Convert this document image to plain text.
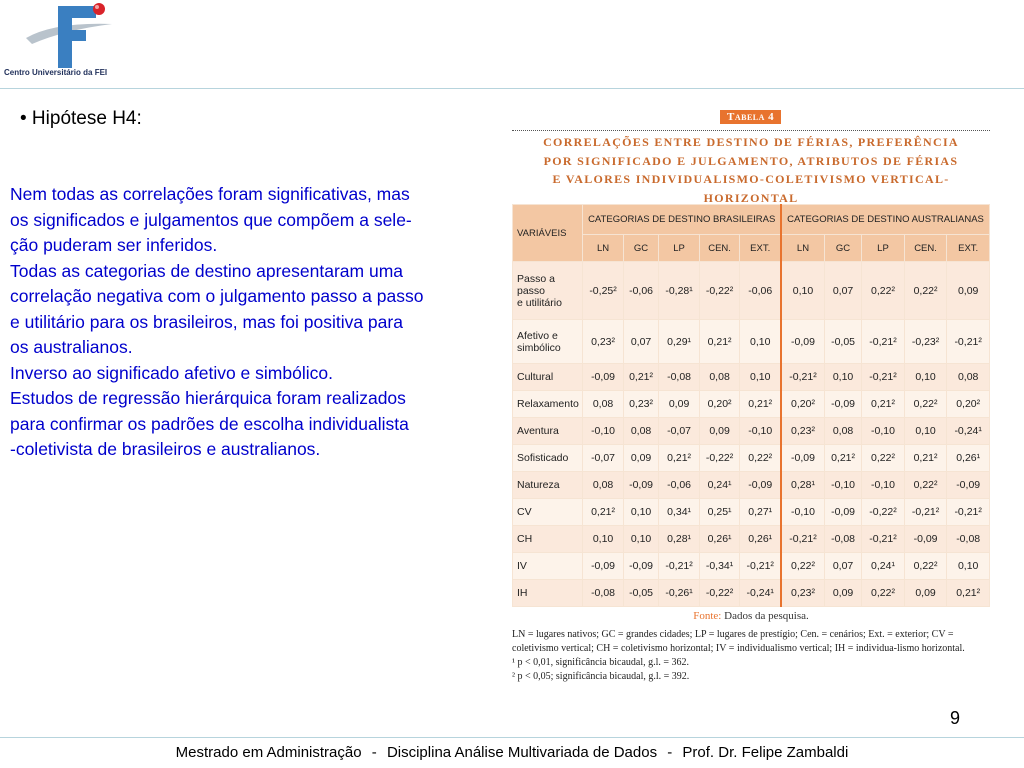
Centro Universitário da FEI
• Hipótese H4:

Nem todas as correlações foram significativas, mas

os significados e julgamentos que compõem a sele-

ção puderam ser inferidos.

Todas as categorias de destino apresentaram uma

correlação negativa com o julgamento passo a passo

e utilitário para os brasileiros, mas foi positiva para

os australianos.

Inverso ao significado afetivo e simbólico.

Estudos de regressão hierárquica foram realizados

para confirmar os padrões de escolha individualista

-coletivista de brasileiros e australianos.

Tabela 4
CORRELAÇÕES ENTRE DESTINO DE FÉRIAS, PREFERÊNCIA
POR SIGNIFICADO E JULGAMENTO, ATRIBUTOS DE FÉRIAS
E VALORES INDIVIDUALISMO-COLETIVISMO VERTICAL-
HORIZONTAL
VARIÁVEIS	CATEGORIAS DE DESTINO BRASILEIRAS					CATEGORIAS DE DESTINO AUSTRALIANAS				
	LN	GC	LP	CEN.	EXT.	LN	GC	LP	CEN.	EXT.

Passo a
passo
e utilitário	-0,25²	-0,06	-0,28¹	-0,22²	-0,06	0,10	0,07	0,22²	0,22²	0,09

Afetivo e
simbólico	0,23²	0,07	0,29¹	0,21²	0,10	-0,09	-0,05	-0,21²	-0,23²	-0,21²

Cultural	-0,09	0,21²	-0,08	0,08	0,10	-0,21²	0,10	-0,21²	0,10	0,08

Relaxamento	0,08	0,23²	0,09	0,20²	0,21²	0,20²	-0,09	0,21²	0,22²	0,20²

Aventura	-0,10	0,08	-0,07	0,09	-0,10	0,23²	0,08	-0,10	0,10	-0,24¹

Sofisticado	-0,07	0,09	0,21²	-0,22²	0,22²	-0,09	0,21²	0,22²	0,21²	0,26¹

Natureza	0,08	-0,09	-0,06	0,24¹	-0,09	0,28¹	-0,10	-0,10	0,22²	-0,09

CV	0,21²	0,10	0,34¹	0,25¹	0,27¹	-0,10	-0,09	-0,22²	-0,21²	-0,21²

CH	0,10	0,10	0,28¹	0,26¹	0,26¹	-0,21²	-0,08	-0,21²	-0,09	-0,08

IV	-0,09	-0,09	-0,21²	-0,34¹	-0,21²	0,22²	0,07	0,24¹	0,22²	0,10

IH	-0,08	-0,05	-0,26¹	-0,22²	-0,24¹	0,23²	0,09	0,22²	0,09	0,21²
Fonte: Dados da pesquisa.

LN = lugares nativos; GC = grandes cidades; LP = lugares de prestígio; Cen. = cenários; Ext. = exterior; CV = coletivismo vertical; CH = coletivismo horizontal; IV = individualismo vertical; IH = individua-lismo horizontal.

¹ p < 0,01, significância bicaudal, g.l. = 362.

² p < 0,05; significância bicaudal, g.l. = 392.

9
Mestrado em Administração - Disciplina Análise Multivariada de Dados - Prof. Dr. Felipe Zambaldi
